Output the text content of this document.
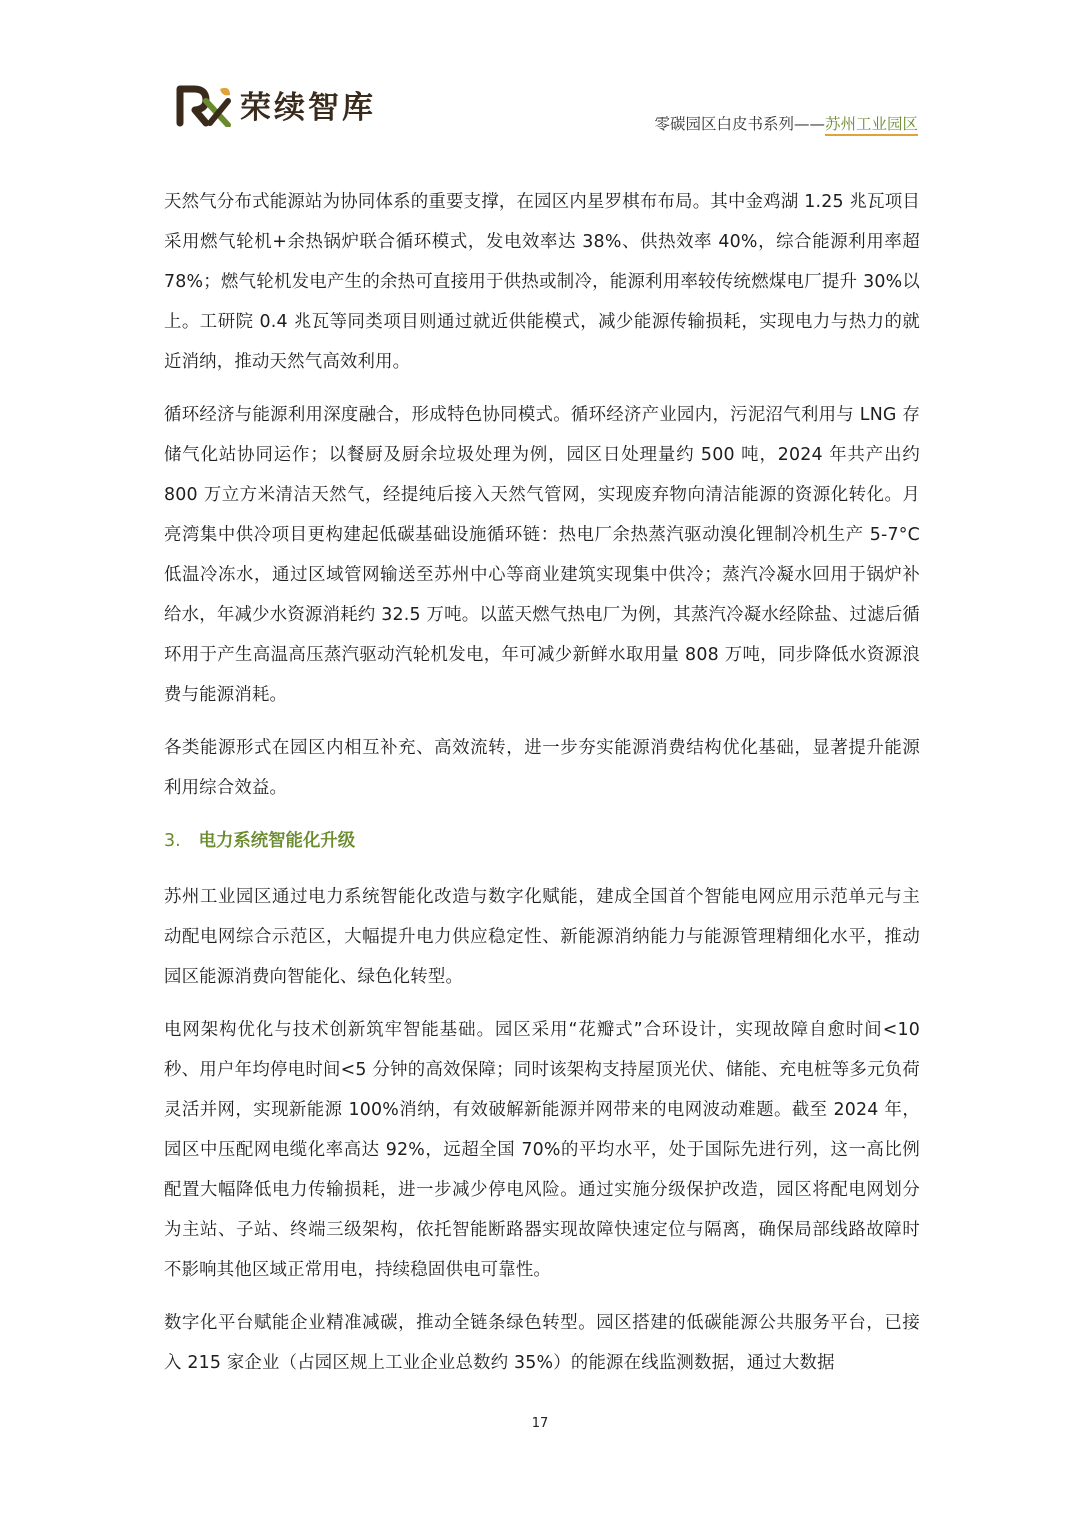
荣续智库	零碳园区白皮书系列——苏州工业园区

天然气分布式能源站为协同体系的重要支撑，在园区内星罗棋布布局。其中金鸡湖 1.25 兆瓦项目采用燃气轮机+余热锅炉联合循环模式，发电效率达 38%、供热效率 40%，综合能源利用率超 78%；燃气轮机发电产生的余热可直接用于供热或制冷，能源利用率较传统燃煤电厂提升 30%以上。工研院 0.4 兆瓦等同类项目则通过就近供能模式，减少能源传输损耗，实现电力与热力的就近消纳，推动天然气高效利用。

循环经济与能源利用深度融合，形成特色协同模式。循环经济产业园内，污泥沼气利用与 LNG 存储气化站协同运作；以餐厨及厨余垃圾处理为例，园区日处理量约 500 吨，2024 年共产出约 800 万立方米清洁天然气，经提纯后接入天然气管网，实现废弃物向清洁能源的资源化转化。月亮湾集中供冷项目更构建起低碳基础设施循环链：热电厂余热蒸汽驱动溴化锂制冷机生产 5-7°C低温冷冻水，通过区域管网输送至苏州中心等商业建筑实现集中供冷；蒸汽冷凝水回用于锅炉补给水，年减少水资源消耗约 32.5 万吨。以蓝天燃气热电厂为例，其蒸汽冷凝水经除盐、过滤后循环用于产生高温高压蒸汽驱动汽轮机发电，年可减少新鲜水取用量 808 万吨，同步降低水资源浪费与能源消耗。

各类能源形式在园区内相互补充、高效流转，进一步夯实能源消费结构优化基础，显著提升能源利用综合效益。

3. 电力系统智能化升级

苏州工业园区通过电力系统智能化改造与数字化赋能，建成全国首个智能电网应用示范单元与主动配电网综合示范区，大幅提升电力供应稳定性、新能源消纳能力与能源管理精细化水平，推动园区能源消费向智能化、绿色化转型。

电网架构优化与技术创新筑牢智能基础。园区采用“花瓣式”合环设计，实现故障自愈时间<10 秒、用户年均停电时间<5 分钟的高效保障；同时该架构支持屋顶光伏、储能、充电桩等多元负荷灵活并网，实现新能源 100%消纳，有效破解新能源并网带来的电网波动难题。截至 2024 年，园区中压配网电缆化率高达 92%，远超全国 70%的平均水平，处于国际先进行列，这一高比例配置大幅降低电力传输损耗，进一步减少停电风险。通过实施分级保护改造，园区将配电网划分为主站、子站、终端三级架构，依托智能断路器实现故障快速定位与隔离，确保局部线路故障时不影响其他区域正常用电，持续稳固供电可靠性。

数字化平台赋能企业精准减碳，推动全链条绿色转型。园区搭建的低碳能源公共服务平台，已接入 215 家企业（占园区规上工业企业总数约 35%）的能源在线监测数据，通过大数据

17
